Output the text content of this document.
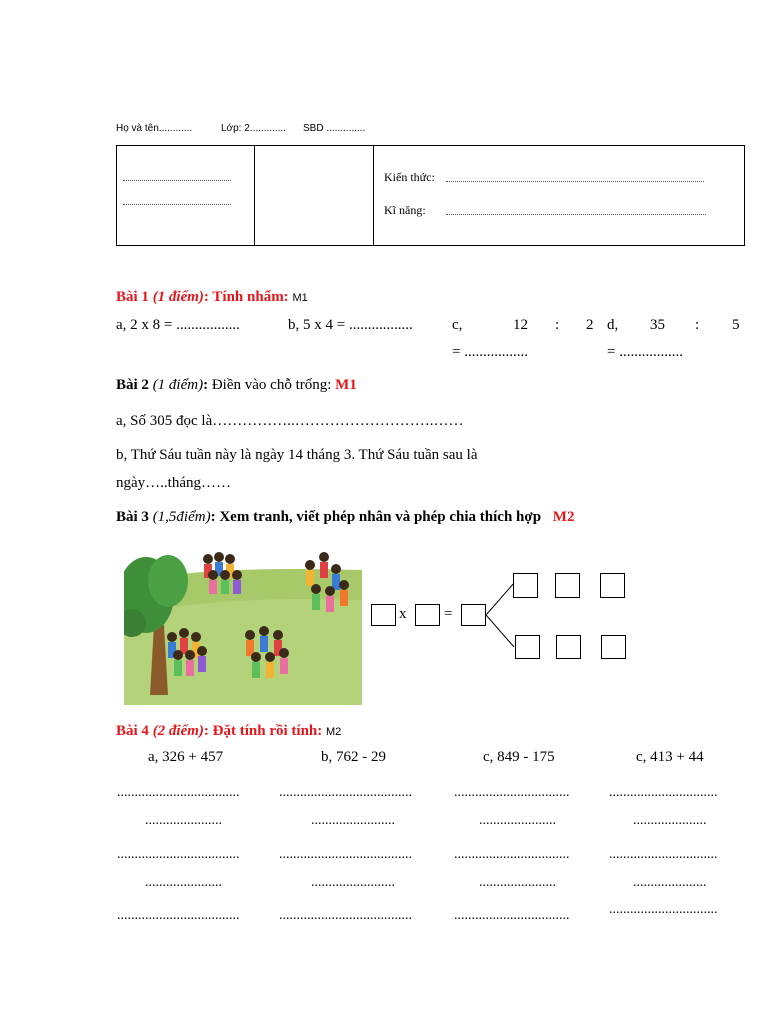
Họ và tên............	Lớp: 2............. SBD ..............

Kiến thức:
Kĩ năng:
Bài 1 (1 điểm): Tính nhẩm: M1
a, 2 x 8 = .................	b, 5 x 4 = .................	c,	12 : 2
= .................
d, 35 : 5
= .................
Bài 2 (1 điểm): Điền vào chỗ trống: M1
a, Số 305 đọc là……………..……………………….……
b, Thứ Sáu tuần này là ngày 14 tháng 3. Thứ Sáu tuần sau là
ngày…..tháng……
Bài 3 (1,5điểm): Xem tranh, viết phép nhân và phép chia thích hợp M2
x	=
Bài 4 (2 điểm): Đặt tính rồi tính: M2
a, 326 + 457	b, 762 - 29	c, 849 - 175	c, 413 + 44
...................................
......................
...................................
......................
...................................
......................................
........................
......................................
........................
......................................
.................................
......................
.................................
......................
.................................
...............................
.....................
...............................
.....................
...............................
